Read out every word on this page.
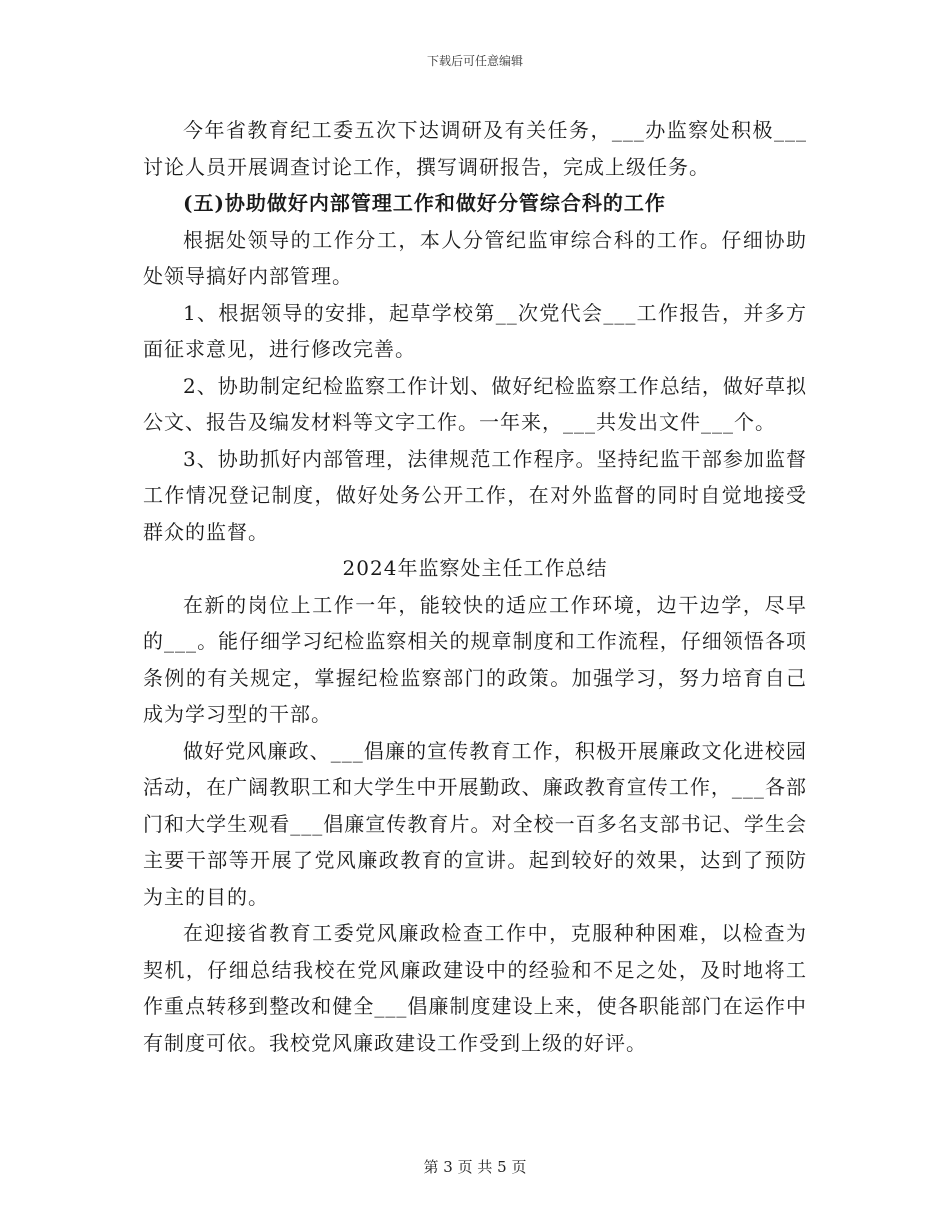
下载后可任意编辑

今年省教育纪工委五次下达调研及有关任务，___办监察处积极___讨论人员开展调查讨论工作，撰写调研报告，完成上级任务。

(五)协助做好内部管理工作和做好分管综合科的工作

根据处领导的工作分工，本人分管纪监审综合科的工作。仔细协助处领导搞好内部管理。

1、根据领导的安排，起草学校第__次党代会___工作报告，并多方面征求意见，进行修改完善。

2、协助制定纪检监察工作计划、做好纪检监察工作总结，做好草拟公文、报告及编发材料等文字工作。一年来，___共发出文件___个。

3、协助抓好内部管理，法律规范工作程序。坚持纪监干部参加监督工作情况登记制度，做好处务公开工作，在对外监督的同时自觉地接受群众的监督。

2024年监察处主任工作总结

在新的岗位上工作一年，能较快的适应工作环境，边干边学，尽早的___。能仔细学习纪检监察相关的规章制度和工作流程，仔细领悟各项条例的有关规定，掌握纪检监察部门的政策。加强学习，努力培育自己成为学习型的干部。

做好党风廉政、___倡廉的宣传教育工作，积极开展廉政文化进校园活动，在广阔教职工和大学生中开展勤政、廉政教育宣传工作，___各部门和大学生观看___倡廉宣传教育片。对全校一百多名支部书记、学生会主要干部等开展了党风廉政教育的宣讲。起到较好的效果，达到了预防为主的目的。

在迎接省教育工委党风廉政检查工作中，克服种种困难，以检查为契机，仔细总结我校在党风廉政建设中的经验和不足之处，及时地将工作重点转移到整改和健全___倡廉制度建设上来，使各职能部门在运作中有制度可依。我校党风廉政建设工作受到上级的好评。

第 3 页 共 5 页
